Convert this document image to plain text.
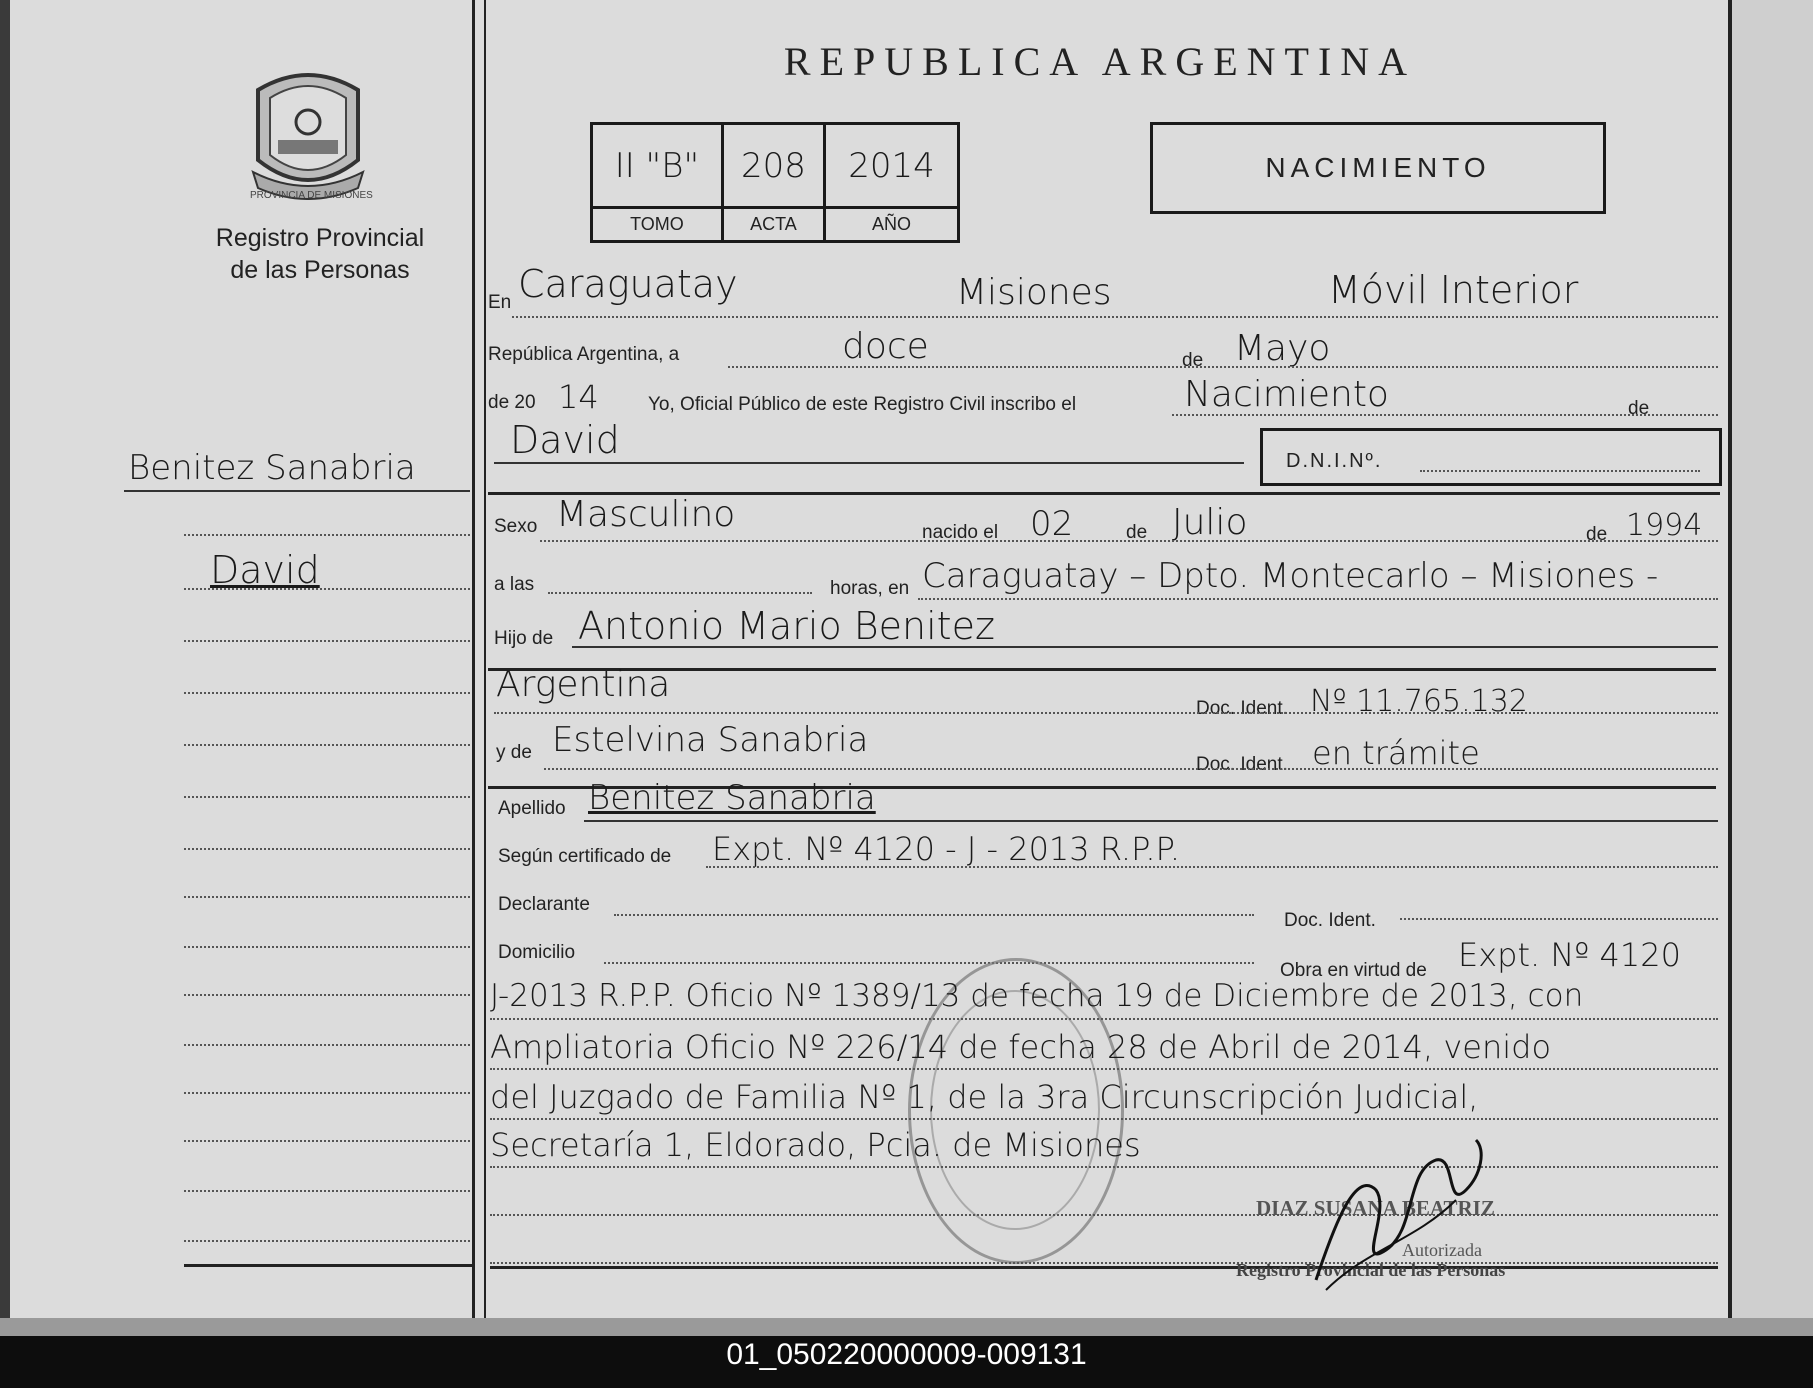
01_050220000009-009131
PROVINCIA DE MISIONES
Registro Provincial
de las Personas
Benitez Sanabria
David
REPUBLICA ARGENTINA
II "B"	208	2014
TOMO	ACTA	AÑO
NACIMIENTO
En Caraguatay	Misiones	Móvil Interior
República Argentina, a	doce	de Mayo
de 20 14	Yo, Oficial Público de este Registro Civil inscribo el	Nacimiento	de
David	D.N.I.Nº.
Sexo Masculino	nacido el 02	de Julio	de 1994
a las	horas, en Caraguatay – Dpto. Montecarlo – Misiones -
Hijo de Antonio Mario Benitez
Argentina
Doc. Ident. Nº 11.765.132
y de Estelvina Sanabria
Doc. Ident. en trámite
Apellido Benitez Sanabria
Según certificado de Expt. Nº 4120 - J - 2013 R.P.P.
Declarante
Doc. Ident.
Domicilio
Obra en virtud de Expt. Nº 4120
J-2013 R.P.P. Oficio Nº 1389/13 de fecha 19 de Diciembre de 2013, con
Ampliatoria Oficio Nº 226/14 de fecha 28 de Abril de 2014, venido
del Juzgado de Familia Nº 1, de la 3ra Circunscripción Judicial,
Secretaría 1, Eldorado, Pcia. de Misiones
DIAZ SUSANA BEATRIZ
Autorizada
Registro Provincial de las Personas
